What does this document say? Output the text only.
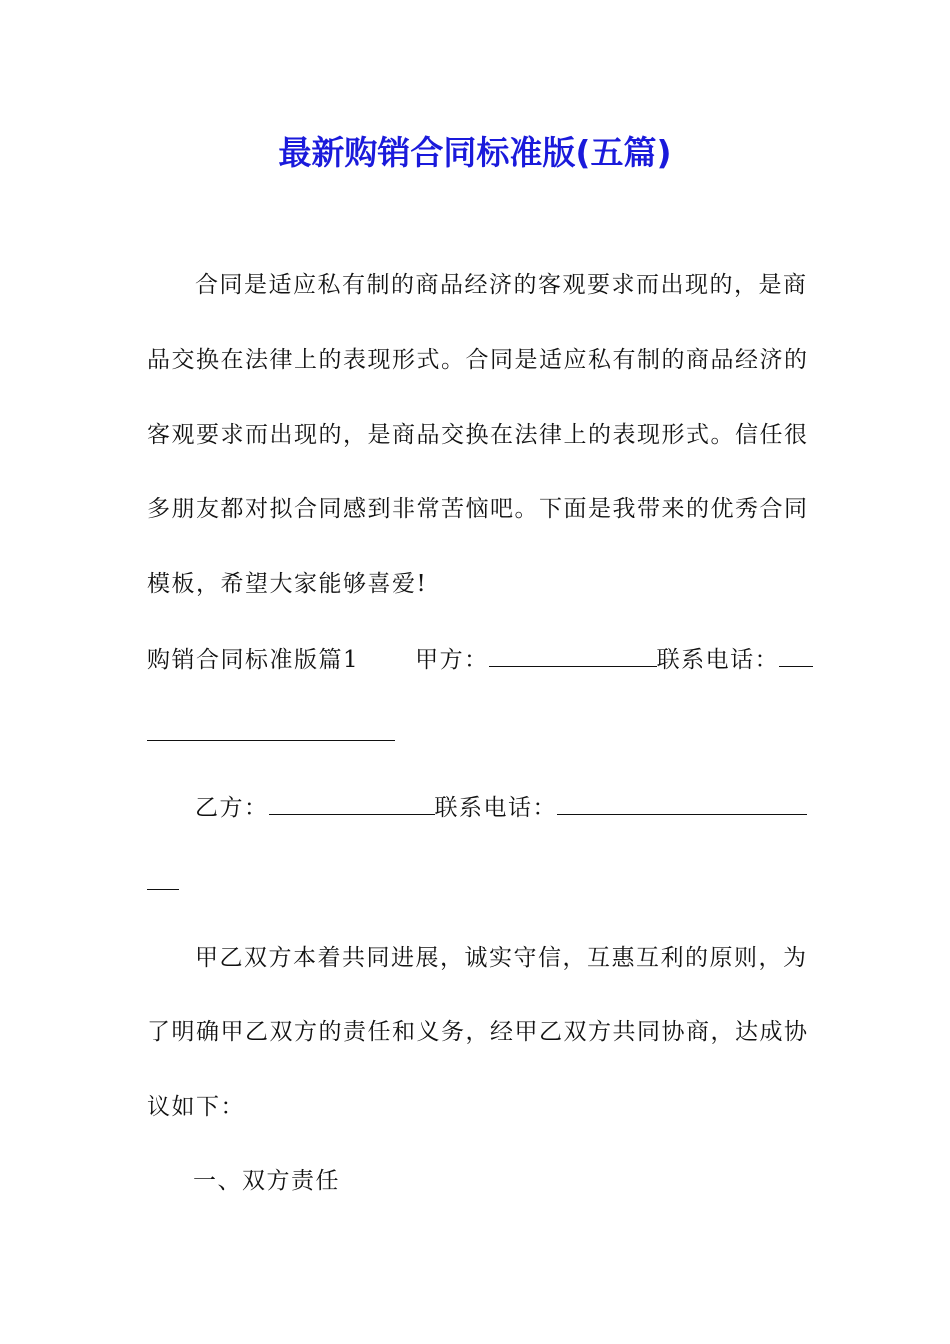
最新购销合同标准版(五篇)
合同是适应私有制的商品经济的客观要求而出现的，是商
品交换在法律上的表现形式。合同是适应私有制的商品经济的
客观要求而出现的，是商品交换在法律上的表现形式。信任很
多朋友都对拟合同感到非常苦恼吧。下面是我带来的优秀合同
模板，希望大家能够喜爱!
购销合同标准版篇1 甲方：	联系电话：
乙方：	联系电话：
甲乙双方本着共同进展，诚实守信，互惠互利的原则，为
了明确甲乙双方的责任和义务，经甲乙双方共同协商，达成协
议如下：
一、双方责任
